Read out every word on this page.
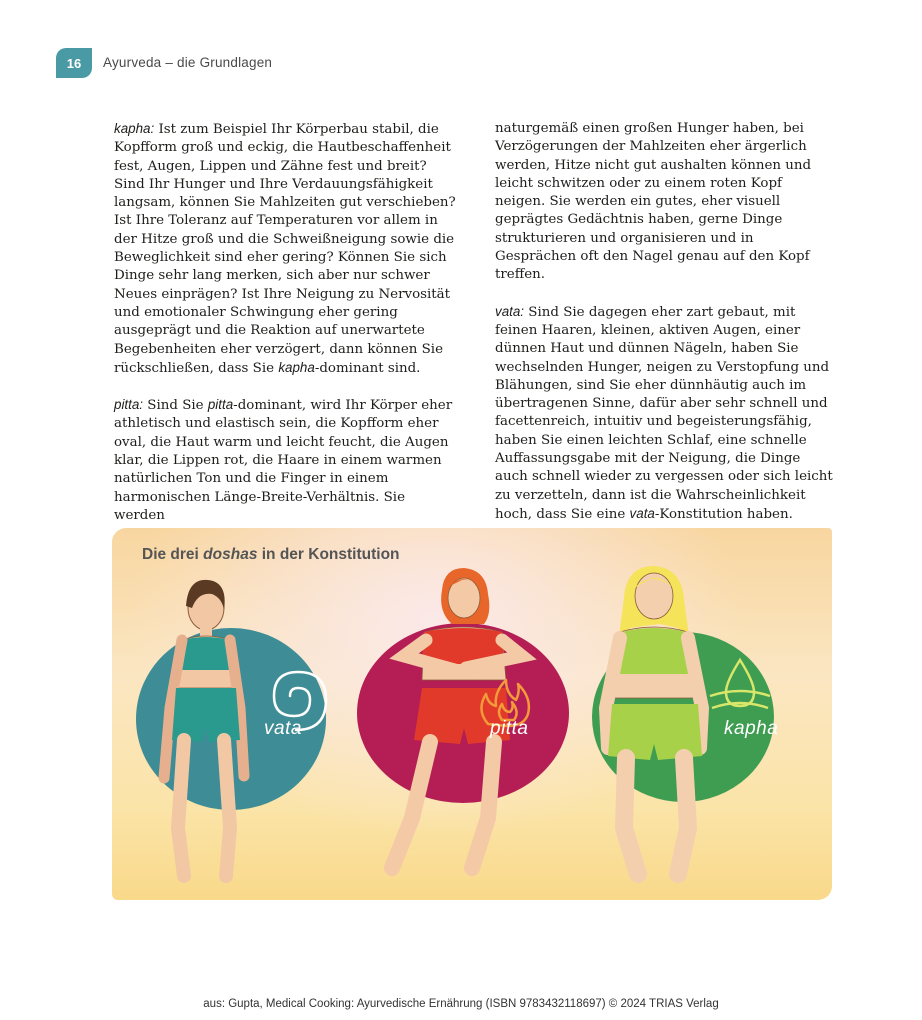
16	Ayurveda – die Grundlagen

kapha: Ist zum Beispiel Ihr Körperbau stabil, die Kopfform groß und eckig, die Hautbeschaffenheit fest, Augen, Lippen und Zähne fest und breit? Sind Ihr Hunger und Ihre Verdauungsfähigkeit langsam, können Sie Mahlzeiten gut verschieben? Ist Ihre Toleranz auf Temperaturen vor allem in der Hitze groß und die Schweißneigung sowie die Beweglichkeit sind eher gering? Können Sie sich Dinge sehr lang merken, sich aber nur schwer Neues einprägen? Ist Ihre Neigung zu Nervosität und emotionaler Schwingung eher gering ausgeprägt und die Reaktion auf unerwartete Begebenheiten eher verzögert, dann können Sie rückschließen, dass Sie kapha-dominant sind.

pitta: Sind Sie pitta-dominant, wird Ihr Körper eher athletisch und elastisch sein, die Kopfform eher oval, die Haut warm und leicht feucht, die Augen klar, die Lippen rot, die Haare in einem warmen natürlichen Ton und die Finger in einem harmonischen Länge-Breite-Verhältnis. Sie werden

naturgemäß einen großen Hunger haben, bei Verzögerungen der Mahlzeiten eher ärgerlich werden, Hitze nicht gut aushalten können und leicht schwitzen oder zu einem roten Kopf neigen. Sie werden ein gutes, eher visuell geprägtes Gedächtnis haben, gerne Dinge strukturieren und organisieren und in Gesprächen oft den Nagel genau auf den Kopf treffen.

vata: Sind Sie dagegen eher zart gebaut, mit feinen Haaren, kleinen, aktiven Augen, einer dünnen Haut und dünnen Nägeln, haben Sie wechselnden Hunger, neigen zu Verstopfung und Blähungen, sind Sie eher dünnhäutig auch im übertragenen Sinne, dafür aber sehr schnell und facettenreich, intuitiv und begeisterungsfähig, haben Sie einen leichten Schlaf, eine schnelle Auffassungsgabe mit der Neigung, die Dinge auch schnell wieder zu vergessen oder sich leicht zu verzetteln, dann ist die Wahrscheinlichkeit hoch, dass Sie eine vata-Konstitution haben.

Die drei doshas in der Konstitution
vata	pitta	kapha
aus: Gupta, Medical Cooking: Ayurvedische Ernährung (ISBN 9783432118697) © 2024 TRIAS Verlag
